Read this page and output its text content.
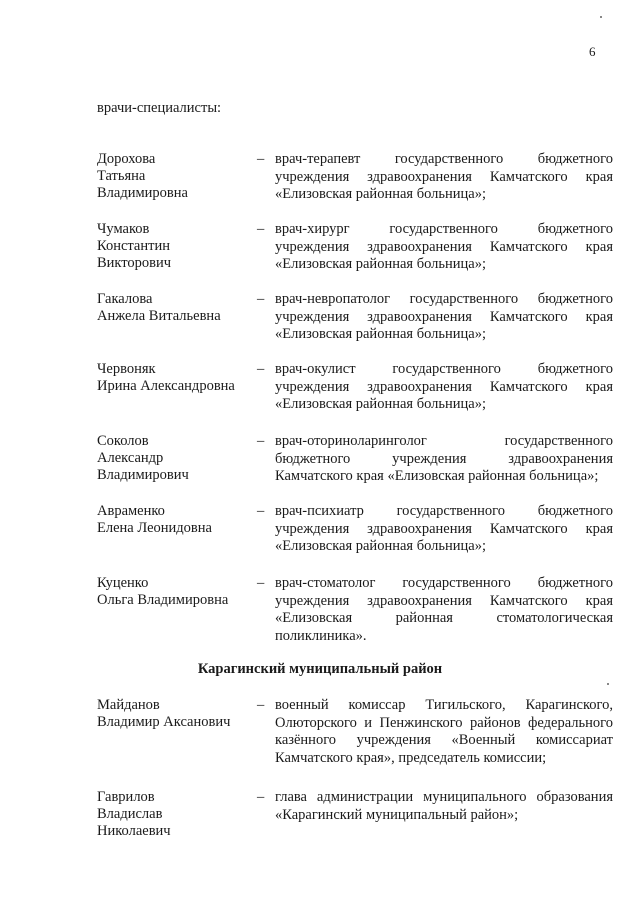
6
врачи-специалисты:
Дорохова
Татьяна
Владимировна
– врач-терапевт государственного бюджетного учреждения здравоохранения Камчатского края «Елизовская районная больница»;
Чумаков
Константин
Викторович
– врач-хирург государственного бюджетного учреждения здравоохранения Камчатского края «Елизовская районная больница»;
Гакалова
Анжела Витальевна
– врач-невропатолог государственного бюджетного учреждения здравоохранения Камчатского края «Елизовская районная больница»;
Червоняк
Ирина Александровна
– врач-окулист государственного бюджетного учреждения здравоохранения Камчатского края «Елизовская районная больница»;
Соколов
Александр
Владимирович
– врач-оториноларинголог государственного бюджетного учреждения здравоохранения Камчатского края «Елизовская районная больница»;
Авраменко
Елена Леонидовна
– врач-психиатр государственного бюджетного учреждения здравоохранения Камчатского края «Елизовская районная больница»;
Куценко
Ольга Владимировна
– врач-стоматолог государственного бюджетного учреждения здравоохранения Камчатского края «Елизовская районная стоматологическая поликлиника».
Карагинский муниципальный район
Майданов
Владимир Аксанович
– военный комиссар Тигильского, Карагинского, Олюторского и Пенжинского районов федерального казённого учреждения «Военный комиссариат Камчатского края», председатель комиссии;
Гаврилов
Владислав
Николаевич
– глава администрации муниципального образования «Карагинский муниципальный район»;
